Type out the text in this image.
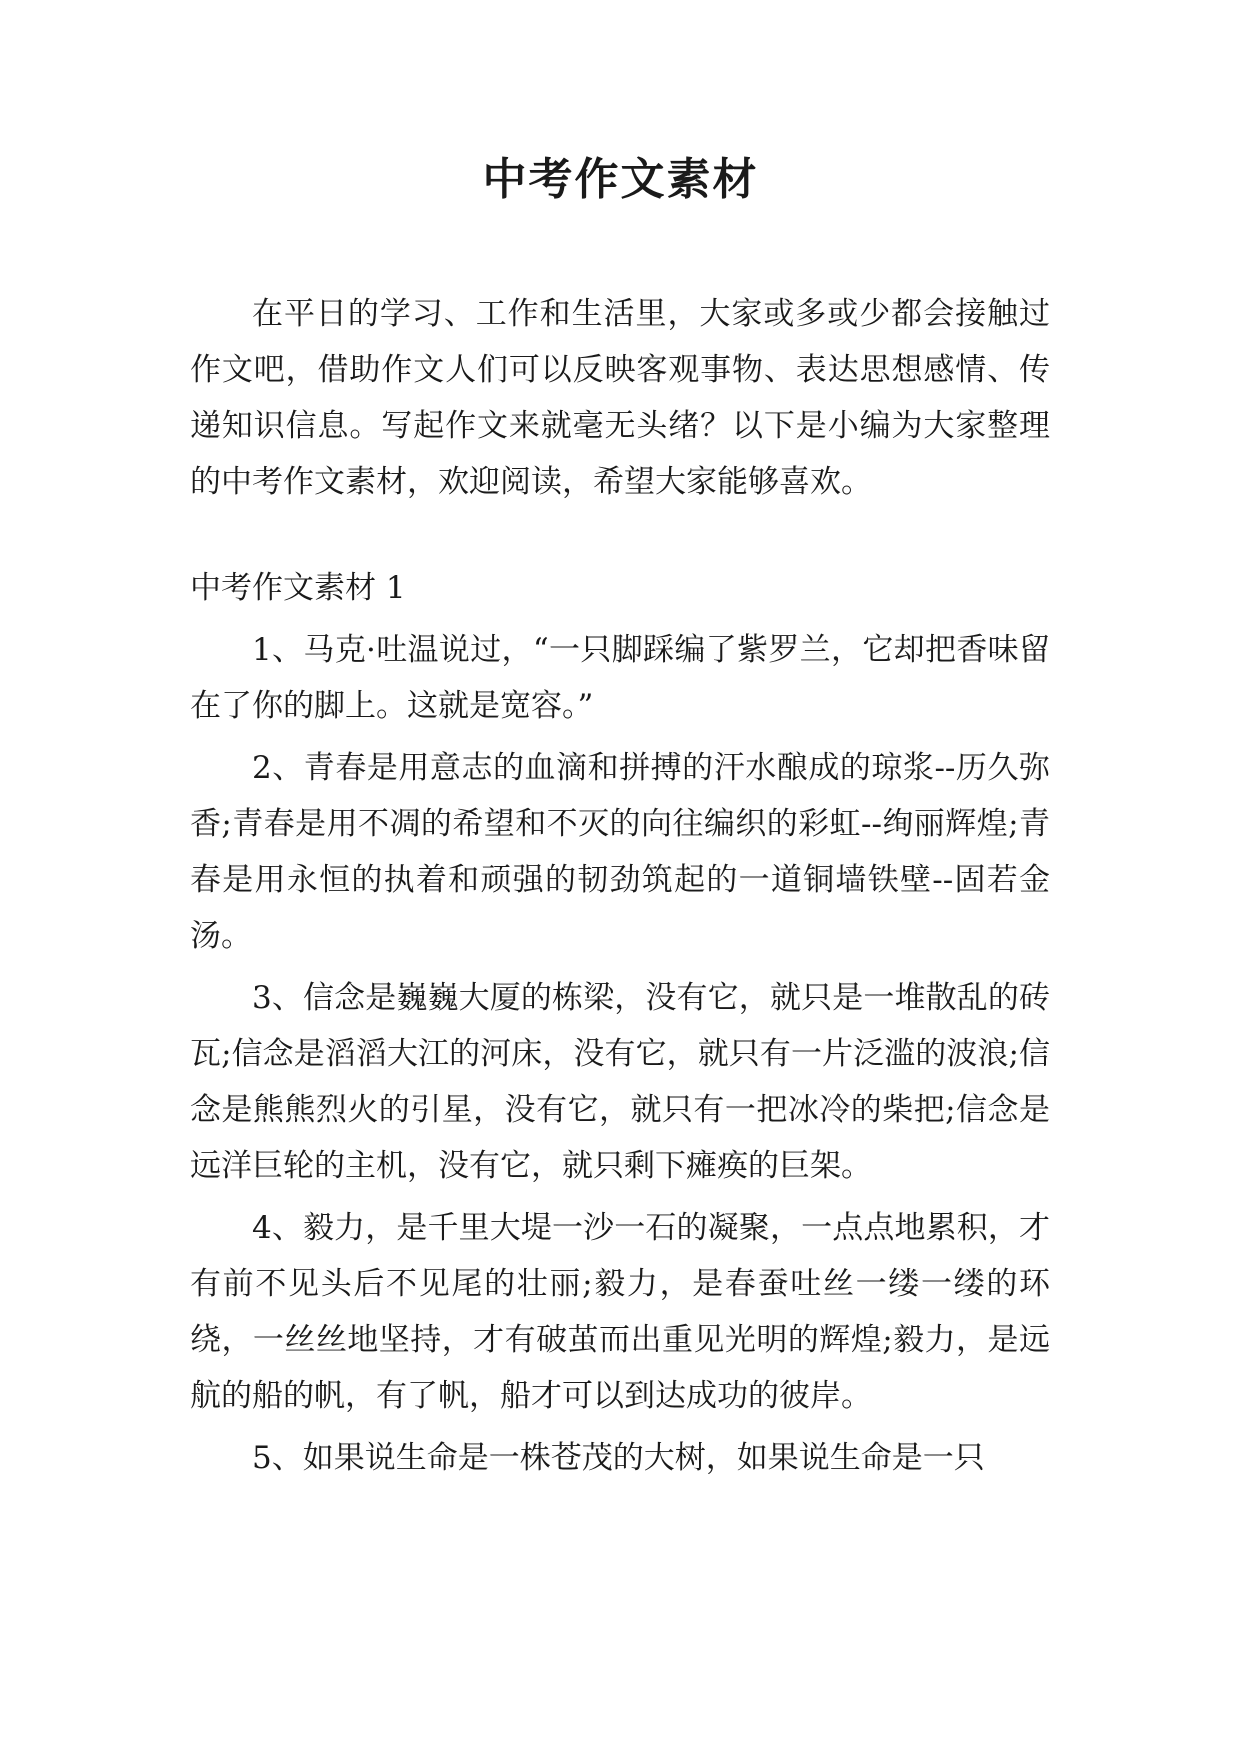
中考作文素材

在平日的学习、工作和生活里，大家或多或少都会接触过作文吧，借助作文人们可以反映客观事物、表达思想感情、传递知识信息。写起作文来就毫无头绪？以下是小编为大家整理的中考作文素材，欢迎阅读，希望大家能够喜欢。

中考作文素材 1

1、马克·吐温说过，“一只脚踩编了紫罗兰，它却把香味留在了你的脚上。这就是宽容。”

2、青春是用意志的血滴和拼搏的汗水酿成的琼浆--历久弥香;青春是用不凋的希望和不灭的向往编织的彩虹--绚丽辉煌;青春是用永恒的执着和顽强的韧劲筑起的一道铜墙铁壁--固若金汤。

3、信念是巍巍大厦的栋梁，没有它，就只是一堆散乱的砖瓦;信念是滔滔大江的河床，没有它，就只有一片泛滥的波浪;信念是熊熊烈火的引星，没有它，就只有一把冰冷的柴把;信念是远洋巨轮的主机，没有它，就只剩下瘫痪的巨架。

4、毅力，是千里大堤一沙一石的凝聚，一点点地累积，才有前不见头后不见尾的壮丽;毅力，是春蚕吐丝一缕一缕的环绕，一丝丝地坚持，才有破茧而出重见光明的辉煌;毅力，是远航的船的帆，有了帆，船才可以到达成功的彼岸。

5、如果说生命是一株苍茂的大树，如果说生命是一只
